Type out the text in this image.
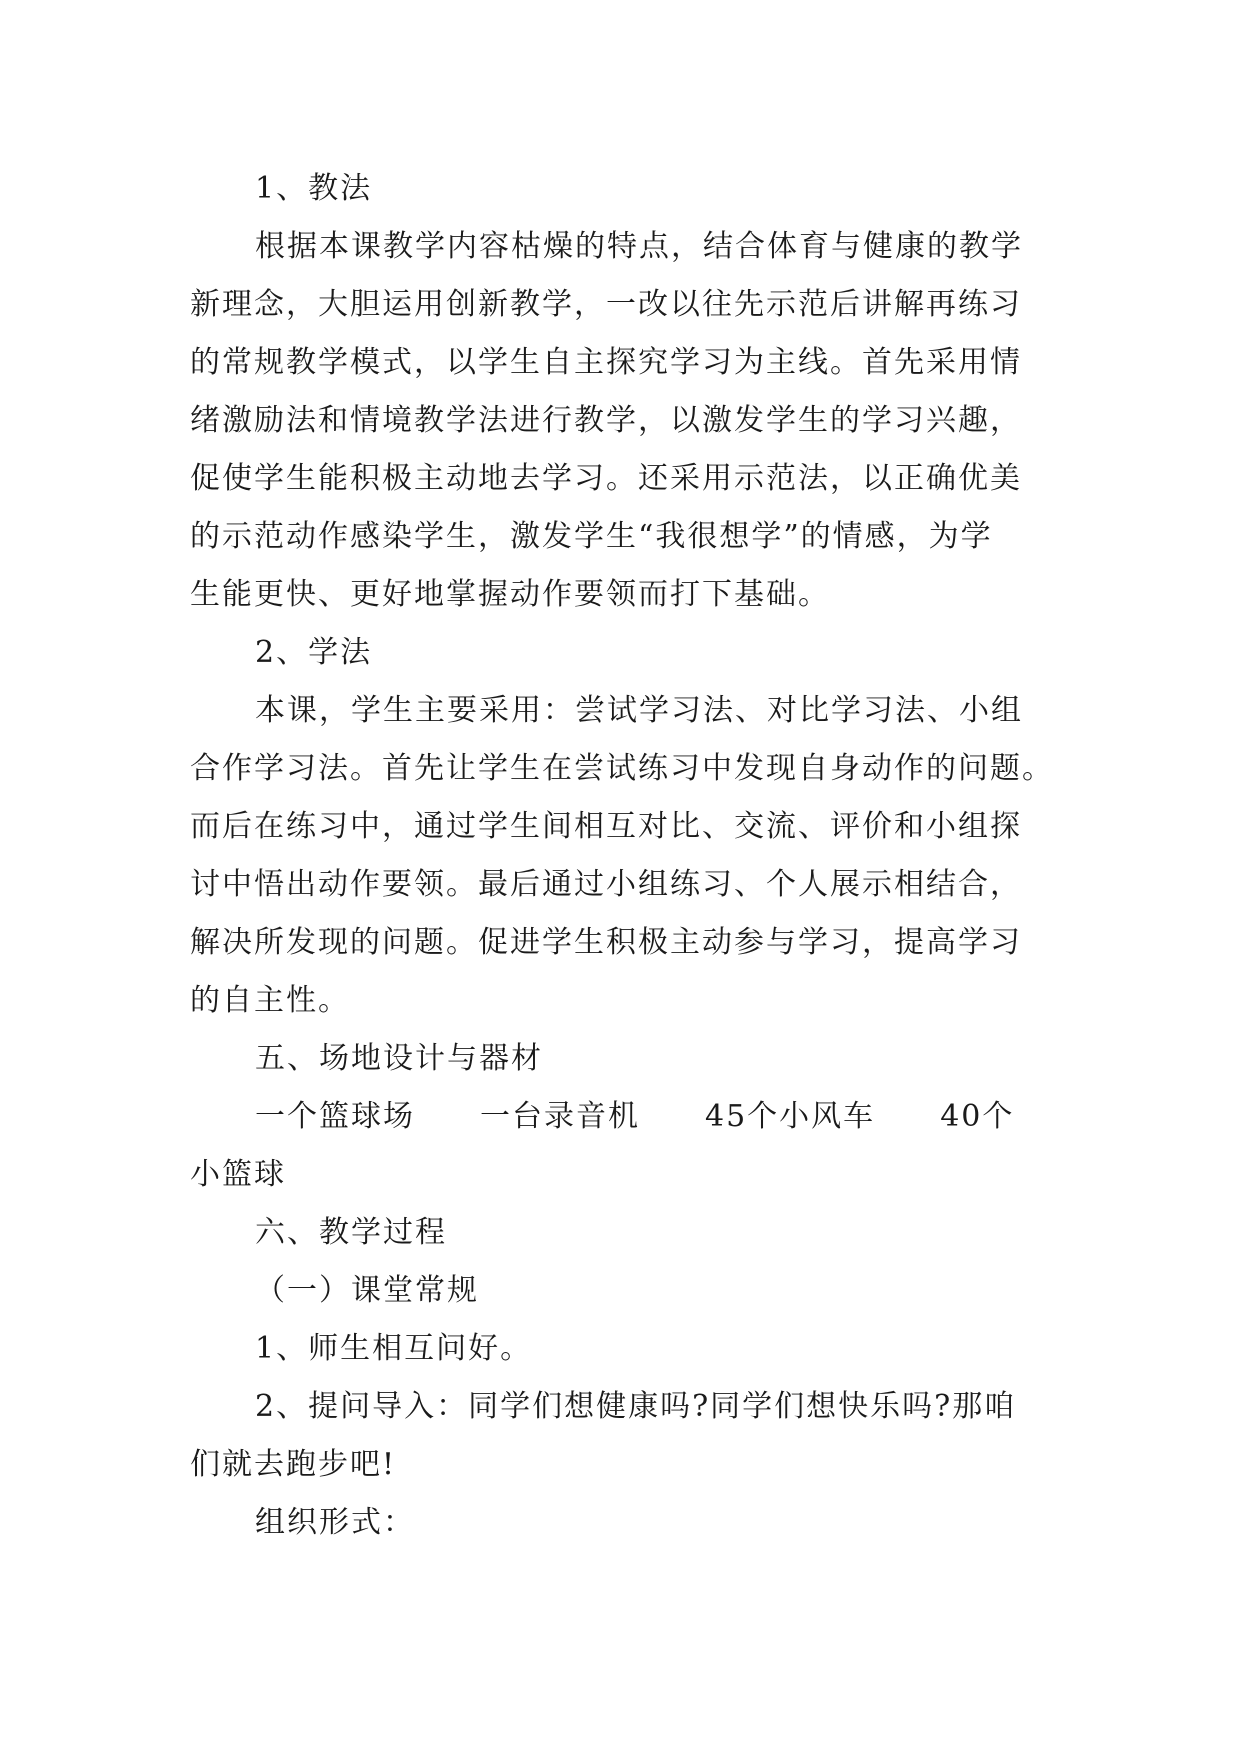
1、教法
根据本课教学内容枯燥的特点，结合体育与健康的教学
新理念，大胆运用创新教学，一改以往先示范后讲解再练习
的常规教学模式，以学生自主探究学习为主线。首先采用情
绪激励法和情境教学法进行教学，以激发学生的学习兴趣，
促使学生能积极主动地去学习。还采用示范法，以正确优美
的示范动作感染学生，激发学生“我很想学”的情感，为学
生能更快、更好地掌握动作要领而打下基础。
2、学法
本课，学生主要采用：尝试学习法、对比学习法、小组
合作学习法。首先让学生在尝试练习中发现自身动作的问题。
而后在练习中，通过学生间相互对比、交流、评价和小组探
讨中悟出动作要领。最后通过小组练习、个人展示相结合，
解决所发现的问题。促进学生积极主动参与学习，提高学习
的自主性。
五、场地设计与器材
一个篮球场 一台录音机 45个小风车 40个
小篮球
六、教学过程
（一）课堂常规
1、师生相互问好。
2、提问导入：同学们想健康吗?同学们想快乐吗?那咱
们就去跑步吧!
组织形式：
